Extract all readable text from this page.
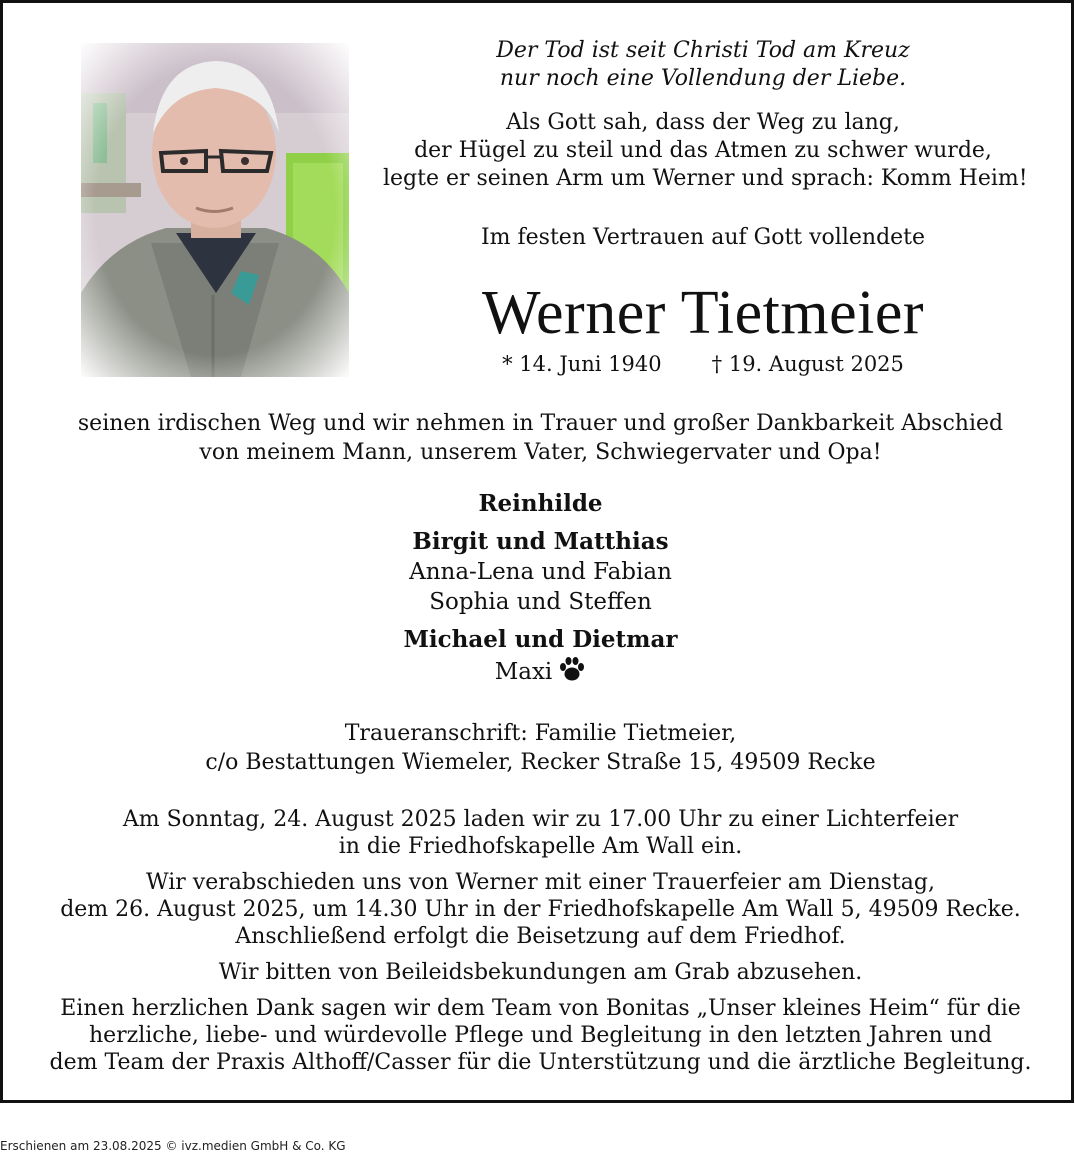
Der Tod ist seit Christi Tod am Kreuz
nur noch eine Vollendung der Liebe.
Als Gott sah, dass der Weg zu lang,
der Hügel zu steil und das Atmen zu schwer wurde,
legte er seinen Arm um Werner und sprach: Komm Heim!
Im festen Vertrauen auf Gott vollendete
Werner Tietmeier
* 14. Juni 1940 † 19. August 2025
seinen irdischen Weg und wir nehmen in Trauer und großer Dankbarkeit Abschied
von meinem Mann, unserem Vater, Schwiegervater und Opa!
Reinhilde
Birgit und Matthias
Anna-Lena und Fabian
Sophia und Steffen
Michael und Dietmar
Maxi
Traueranschrift: Familie Tietmeier,
c/o Bestattungen Wiemeler, Recker Straße 15, 49509 Recke
Am Sonntag, 24. August 2025 laden wir zu 17.00 Uhr zu einer Lichterfeier
in die Friedhofskapelle Am Wall ein.
Wir verabschieden uns von Werner mit einer Trauerfeier am Dienstag,
dem 26. August 2025, um 14.30 Uhr in der Friedhofskapelle Am Wall 5, 49509 Recke.
Anschließend erfolgt die Beisetzung auf dem Friedhof.
Wir bitten von Beileidsbekundungen am Grab abzusehen.
Einen herzlichen Dank sagen wir dem Team von Bonitas „Unser kleines Heim“ für die
herzliche, liebe- und würdevolle Pflege und Begleitung in den letzten Jahren und
dem Team der Praxis Althoff/Casser für die Unterstützung und die ärztliche Begleitung.
Erschienen am 23.08.2025 © ivz.medien GmbH & Co. KG
